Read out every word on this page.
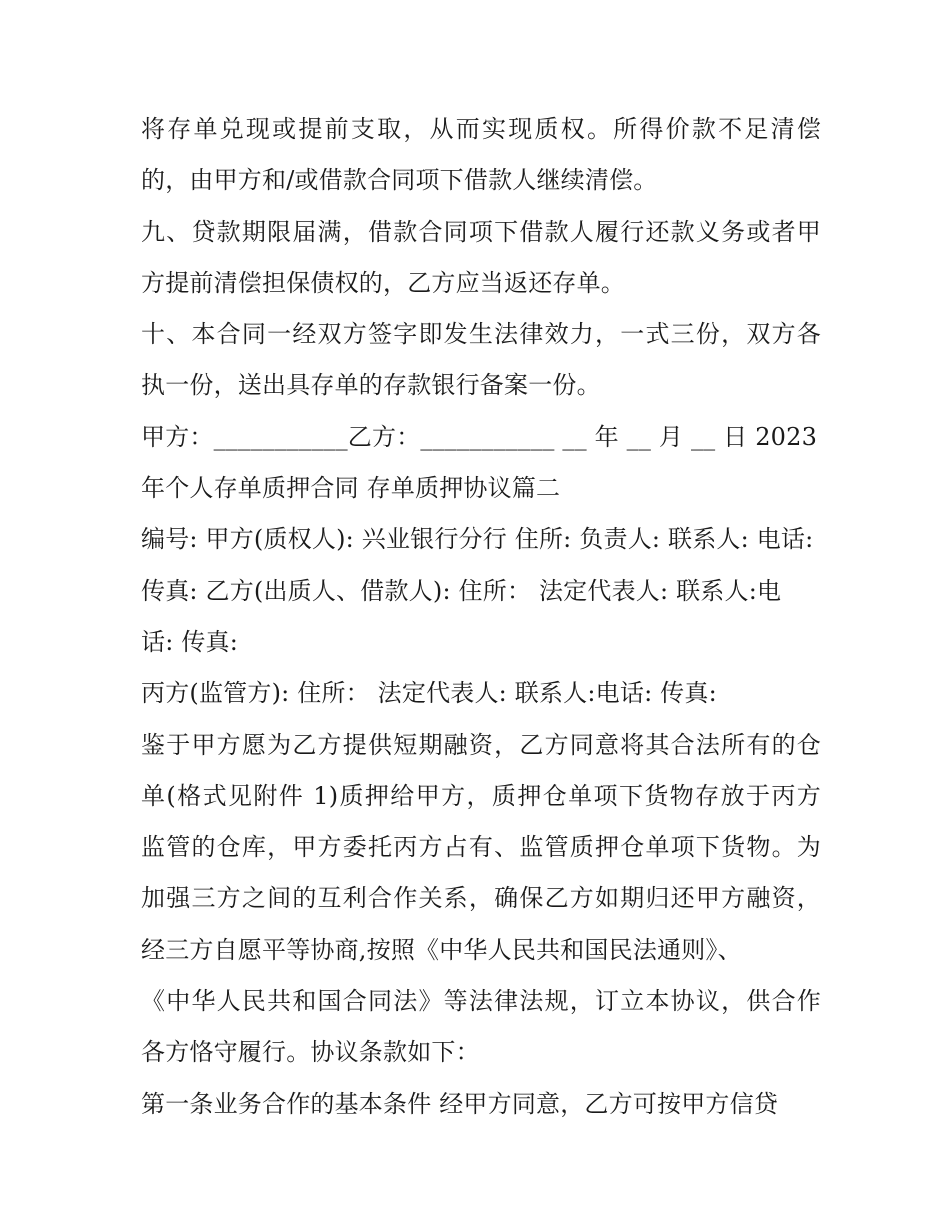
将存单兑现或提前支取，从而实现质权。所得价款不足清偿
的，由甲方和/或借款合同项下借款人继续清偿。
九、贷款期限届满，借款合同项下借款人履行还款义务或者甲
方提前清偿担保债权的，乙方应当返还存单。
十、本合同一经双方签字即发生法律效力，一式三份，双方各
执一份，送出具存单的存款银行备案一份。
甲方：___________乙方：___________ __ 年 __ 月 __ 日 2023
年个人存单质押合同 存单质押协议篇二
编号: 甲方(质权人): 兴业银行分行 住所: 负责人: 联系人: 电话:
传真: 乙方(出质人、借款人): 住所： 法定代表人: 联系人:电
话: 传真:
丙方(监管方): 住所： 法定代表人: 联系人:电话: 传真:
鉴于甲方愿为乙方提供短期融资，乙方同意将其合法所有的仓
单(格式见附件 1)质押给甲方，质押仓单项下货物存放于丙方
监管的仓库，甲方委托丙方占有、监管质押仓单项下货物。为
加强三方之间的互利合作关系，确保乙方如期归还甲方融资，
经三方自愿平等协商,按照《中华人民共和国民法通则》、
《中华人民共和国合同法》等法律法规，订立本协议，供合作
各方恪守履行。协议条款如下：
第一条业务合作的基本条件 经甲方同意，乙方可按甲方信贷
